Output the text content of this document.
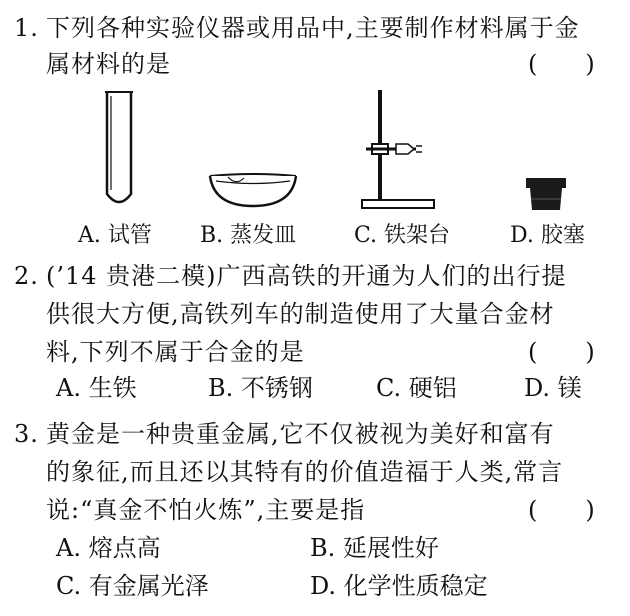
1. 下列各种实验仪器或用品中,主要制作材料属于金
属材料的是	(　　)
A. 试管 B. 蒸发皿	C. 铁架台	D. 胶塞
2. (’14 贵港二模)广西高铁的开通为人们的出行提
供很大方便,高铁列车的制造使用了大量合金材
料,下列不属于合金的是	(　　)
A. 生铁	B. 不锈钢	C. 硬铝	D. 镁
3. 黄金是一种贵重金属,它不仅被视为美好和富有
的象征,而且还以其特有的价值造福于人类,常言
说:“真金不怕火炼”,主要是指	(　　)
A. 熔点高	B. 延展性好
C. 有金属光泽	D. 化学性质稳定
